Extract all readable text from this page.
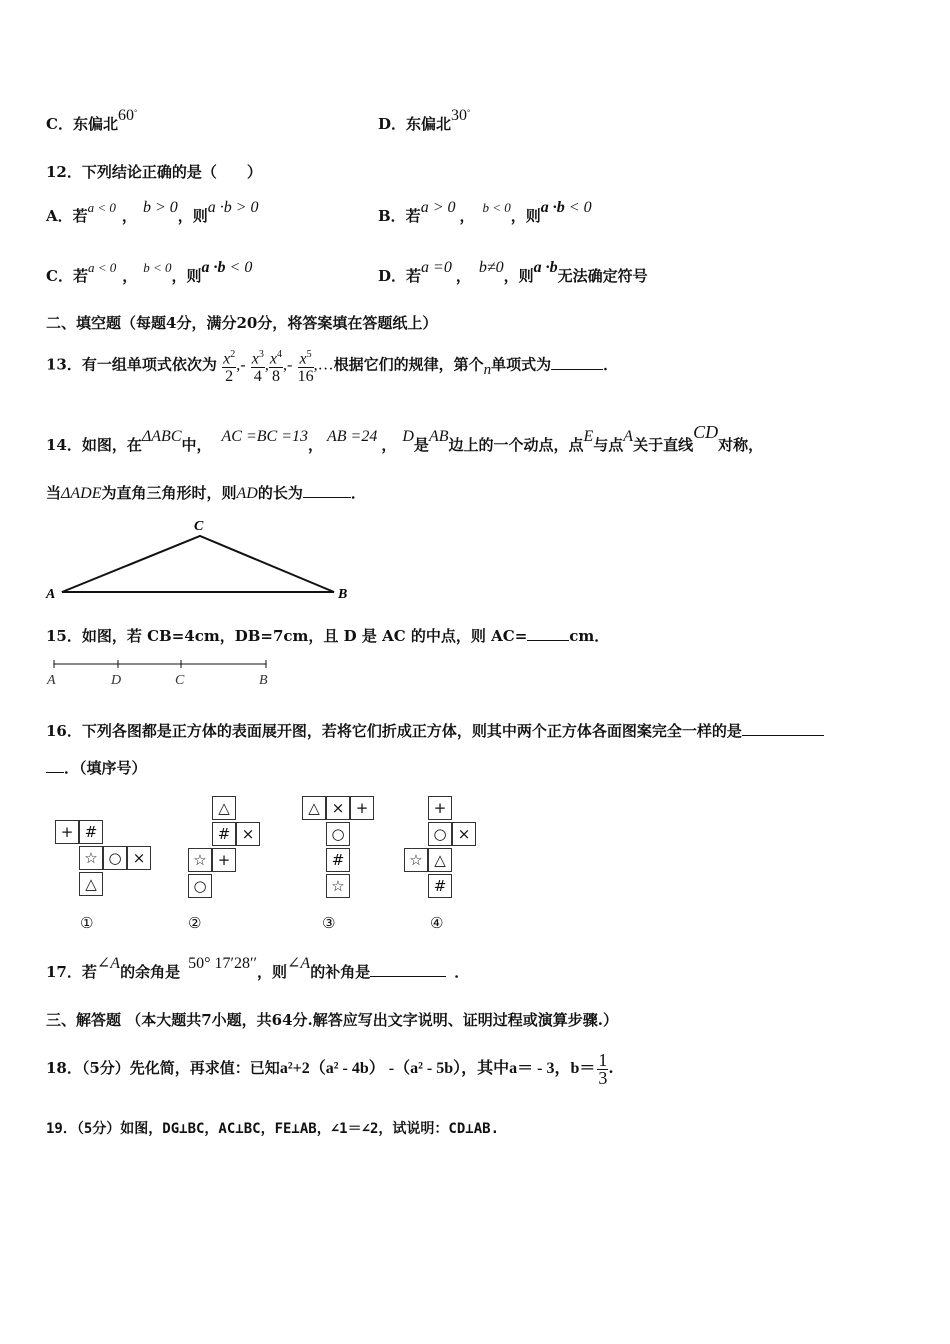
C．东偏北60°
D．东偏北30°
12．下列结论正确的是（　　）
A．若a < 0 ， b > 0，则a ·b > 0	B．若a > 0 ， b < 0，则a ·b < 0
C．若a < 0 ， b < 0，则a ·b < 0	D．若a =0 ， b≠0，则a ·b无法确定符号
二、填空题（每题4分，满分20分，将答案填在答题纸上）
13．有一组单项式依次为 $\frac{x^2}{2}$ ,- $\frac{x^3}{4}$ , $\frac{x^4}{8}$ ,- $\frac{x^5}{16}$ ,…根据它们的规律，第个n单项式为	．
14．如图，在ΔABC中， AC =BC =13， AB =24 ， D是AB边上的一个动点，点E与点A关于直线CD对称，
当ΔADE为直角三角形时，则AD的长为	．
A
C
B
15．如图，若 CB=4cm，DB=7cm，且 D 是 AC 的中点，则 AC=	cm．
A	D	C	B
16．下列各图都是正方体的表面展开图，若将它们折成正方体，则其中两个正方体各面图案完全一样的是
．（填序号）
+ #
☆ ○ ×
△
①
△
# ×
☆ +
○
②
△ × +
○
#
☆
③
+
○ ×
☆ △
#
④
17．若∠A的余角是 50° 17′28′′，则∠A的补角是	．
三、解答题 （本大题共7小题，共64分.解答应写出文字说明、证明过程或演算步骤.）
18．（5分）先化简，再求值：已知a²+2（a² - 4b） -（a² - 5b），其中a＝ - 3，$b= \frac{1}{3}$ .
19．（5分）如图，DG⊥BC，AC⊥BC，FE⊥AB，∠1＝∠2，试说明：CD⊥AB.
